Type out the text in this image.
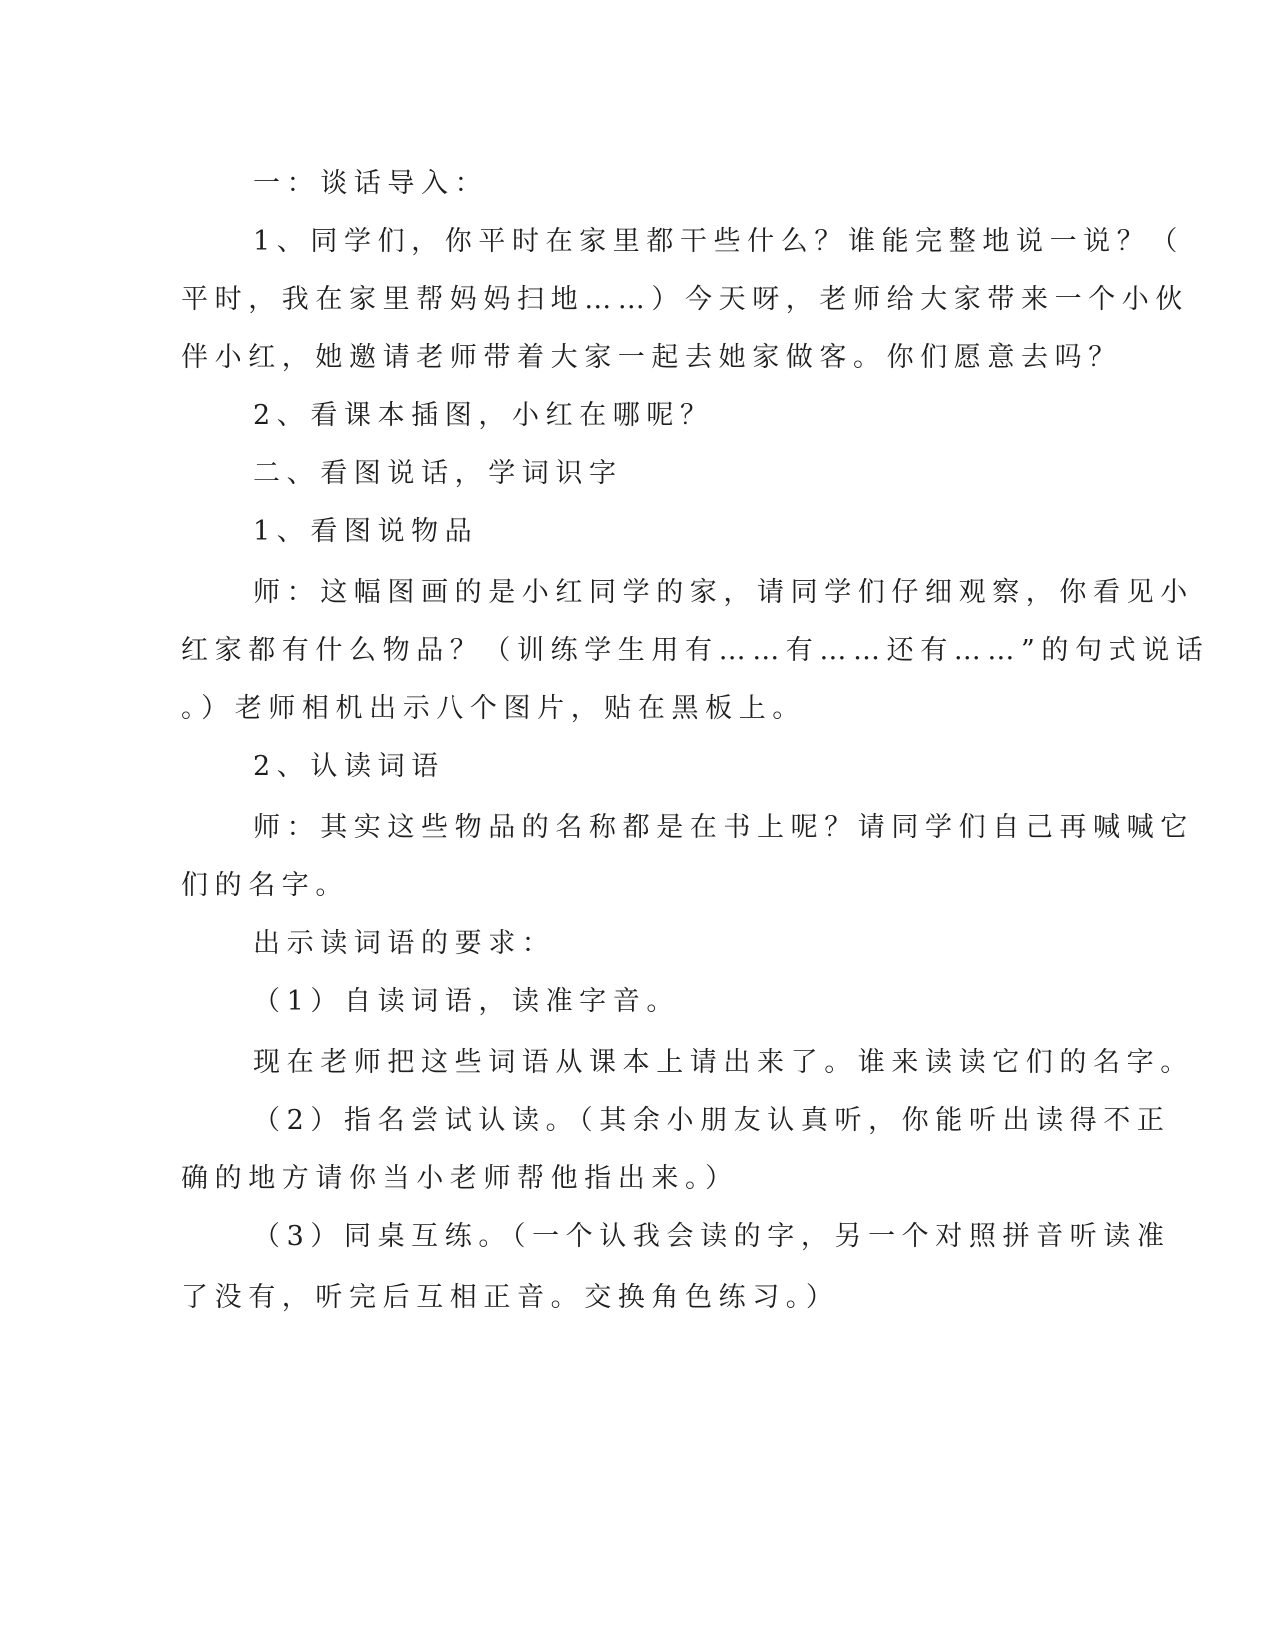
一：谈话导入：

1、同学们，你平时在家里都干些什么？谁能完整地说一说？（

平时，我在家里帮妈妈扫地……）今天呀，老师给大家带来一个小伙

伴小红，她邀请老师带着大家一起去她家做客。你们愿意去吗？

2、看课本插图，小红在哪呢？

二、看图说话，学词识字

1、看图说物品

师：这幅图画的是小红同学的家，请同学们仔细观察，你看见小

红家都有什么物品？（训练学生用有……有……还有……”的句式说话

。）老师相机出示八个图片，贴在黑板上。

2、认读词语

师：其实这些物品的名称都是在书上呢？请同学们自己再喊喊它

们的名字。

出示读词语的要求：

（1）自读词语，读准字音。

现在老师把这些词语从课本上请出来了。谁来读读它们的名字。

（2）指名尝试认读。（其余小朋友认真听，你能听出读得不正

确的地方请你当小老师帮他指出来。）

（3）同桌互练。（一个认我会读的字，另一个对照拼音听读准

了没有，听完后互相正音。交换角色练习。）
